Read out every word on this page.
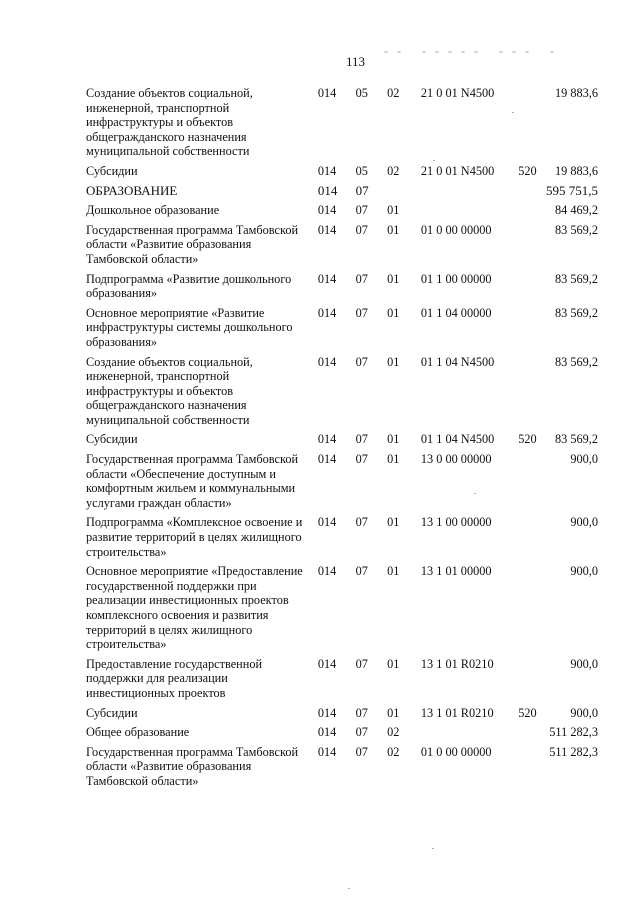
113
- -   - - - - -   - - -   -
Создание объектов социальной, инженерной, транспортной инфраструктуры и объектов общегражданского назначения муниципальной собственности	014	05	02	21 0 01 N4500		19 883,6
Субсидии	014	05	02	21 0 01 N4500	520	19 883,6
ОБРАЗОВАНИЕ	014	07				595 751,5
Дошкольное образование	014	07	01			84 469,2
Государственная программа Тамбовской области «Развитие образования Тамбовской области»	014	07	01	01 0 00 00000		83 569,2
Подпрограмма «Развитие дошкольного образования»	014	07	01	01 1 00 00000		83 569,2
Основное мероприятие «Развитие инфраструктуры системы дошкольного образования»	014	07	01	01 1 04 00000		83 569,2
Создание объектов социальной, инженерной, транспортной инфраструктуры и объектов общегражданского назначения муниципальной собственности	014	07	01	01 1 04 N4500		83 569,2
Субсидии	014	07	01	01 1 04 N4500	520	83 569,2
Государственная программа Тамбовской области «Обеспечение доступным и комфортным жильем и коммунальными услугами граждан области»	014	07	01	13 0 00 00000		900,0
Подпрограмма «Комплексное освоение и развитие территорий в целях жилищного строительства»	014	07	01	13 1 00 00000		900,0
Основное мероприятие «Предоставление государственной поддержки при реализации инвестиционных проектов комплексного освоения и развития территорий в целях жилищного строительства»	014	07	01	13 1 01 00000		900,0
Предоставление государственной поддержки для реализации инвестиционных проектов	014	07	01	13 1 01 R0210		900,0
Субсидии	014	07	01	13 1 01 R0210	520	900,0
Общее образование	014	07	02			511 282,3
Государственная программа Тамбовской области «Развитие образования Тамбовской области»	014	07	02	01 0 00 00000		511 282,3
